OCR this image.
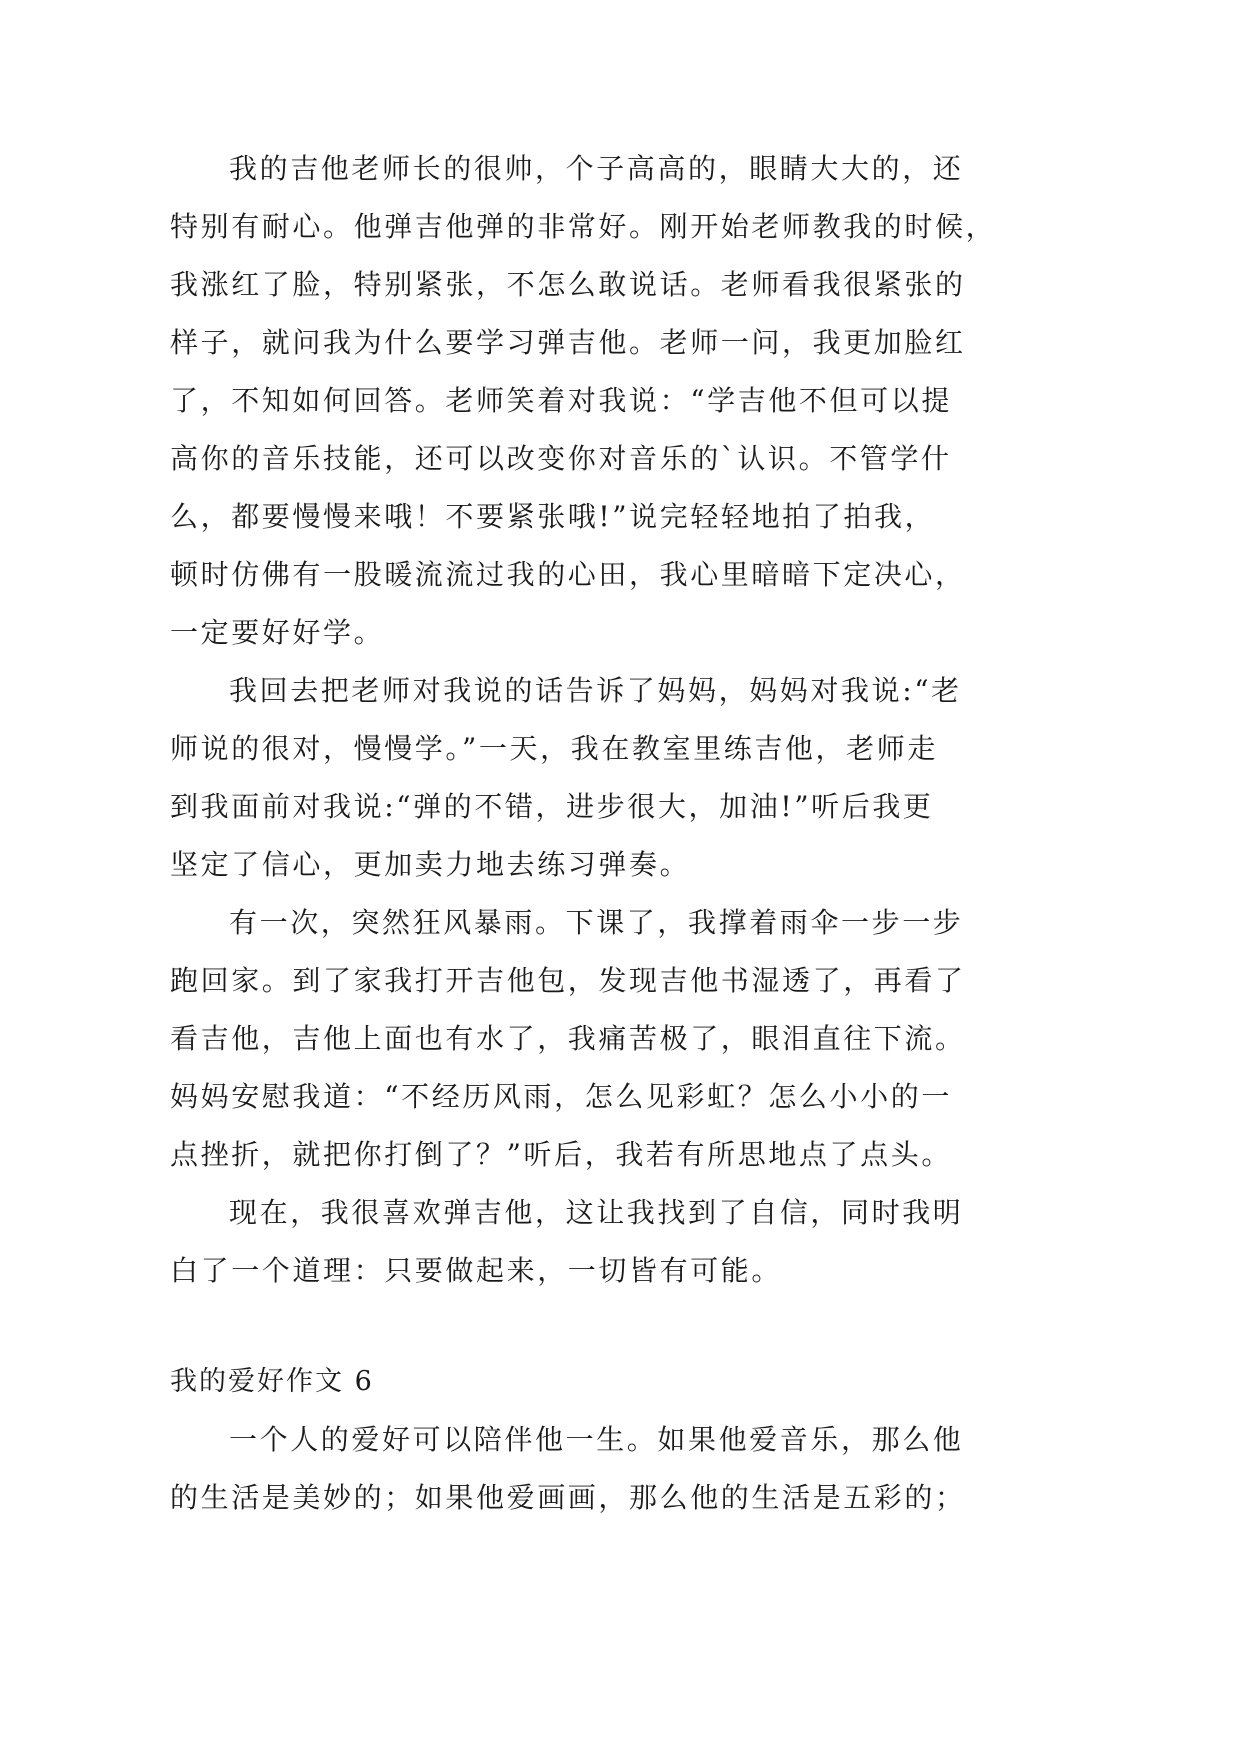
我的吉他老师长的很帅，个子高高的，眼睛大大的，还
特别有耐心。他弹吉他弹的非常好。刚开始老师教我的时候，
我涨红了脸，特别紧张，不怎么敢说话。老师看我很紧张的
样子，就问我为什么要学习弹吉他。老师一问，我更加脸红
了，不知如何回答。老师笑着对我说：“学吉他不但可以提
高你的音乐技能，还可以改变你对音乐的`认识。不管学什
么，都要慢慢来哦！不要紧张哦!”说完轻轻地拍了拍我，
顿时仿佛有一股暖流流过我的心田，我心里暗暗下定决心，
一定要好好学。
我回去把老师对我说的话告诉了妈妈，妈妈对我说:“老
师说的很对，慢慢学。”一天，我在教室里练吉他，老师走
到我面前对我说:“弹的不错，进步很大，加油!”听后我更
坚定了信心，更加卖力地去练习弹奏。
有一次，突然狂风暴雨。下课了，我撑着雨伞一步一步
跑回家。到了家我打开吉他包，发现吉他书湿透了，再看了
看吉他，吉他上面也有水了，我痛苦极了，眼泪直往下流。
妈妈安慰我道：“不经历风雨，怎么见彩虹？怎么小小的一
点挫折，就把你打倒了？”听后，我若有所思地点了点头。
现在，我很喜欢弹吉他，这让我找到了自信，同时我明
白了一个道理：只要做起来，一切皆有可能。
我的爱好作文 6
一个人的爱好可以陪伴他一生。如果他爱音乐，那么他
的生活是美妙的；如果他爱画画，那么他的生活是五彩的；
